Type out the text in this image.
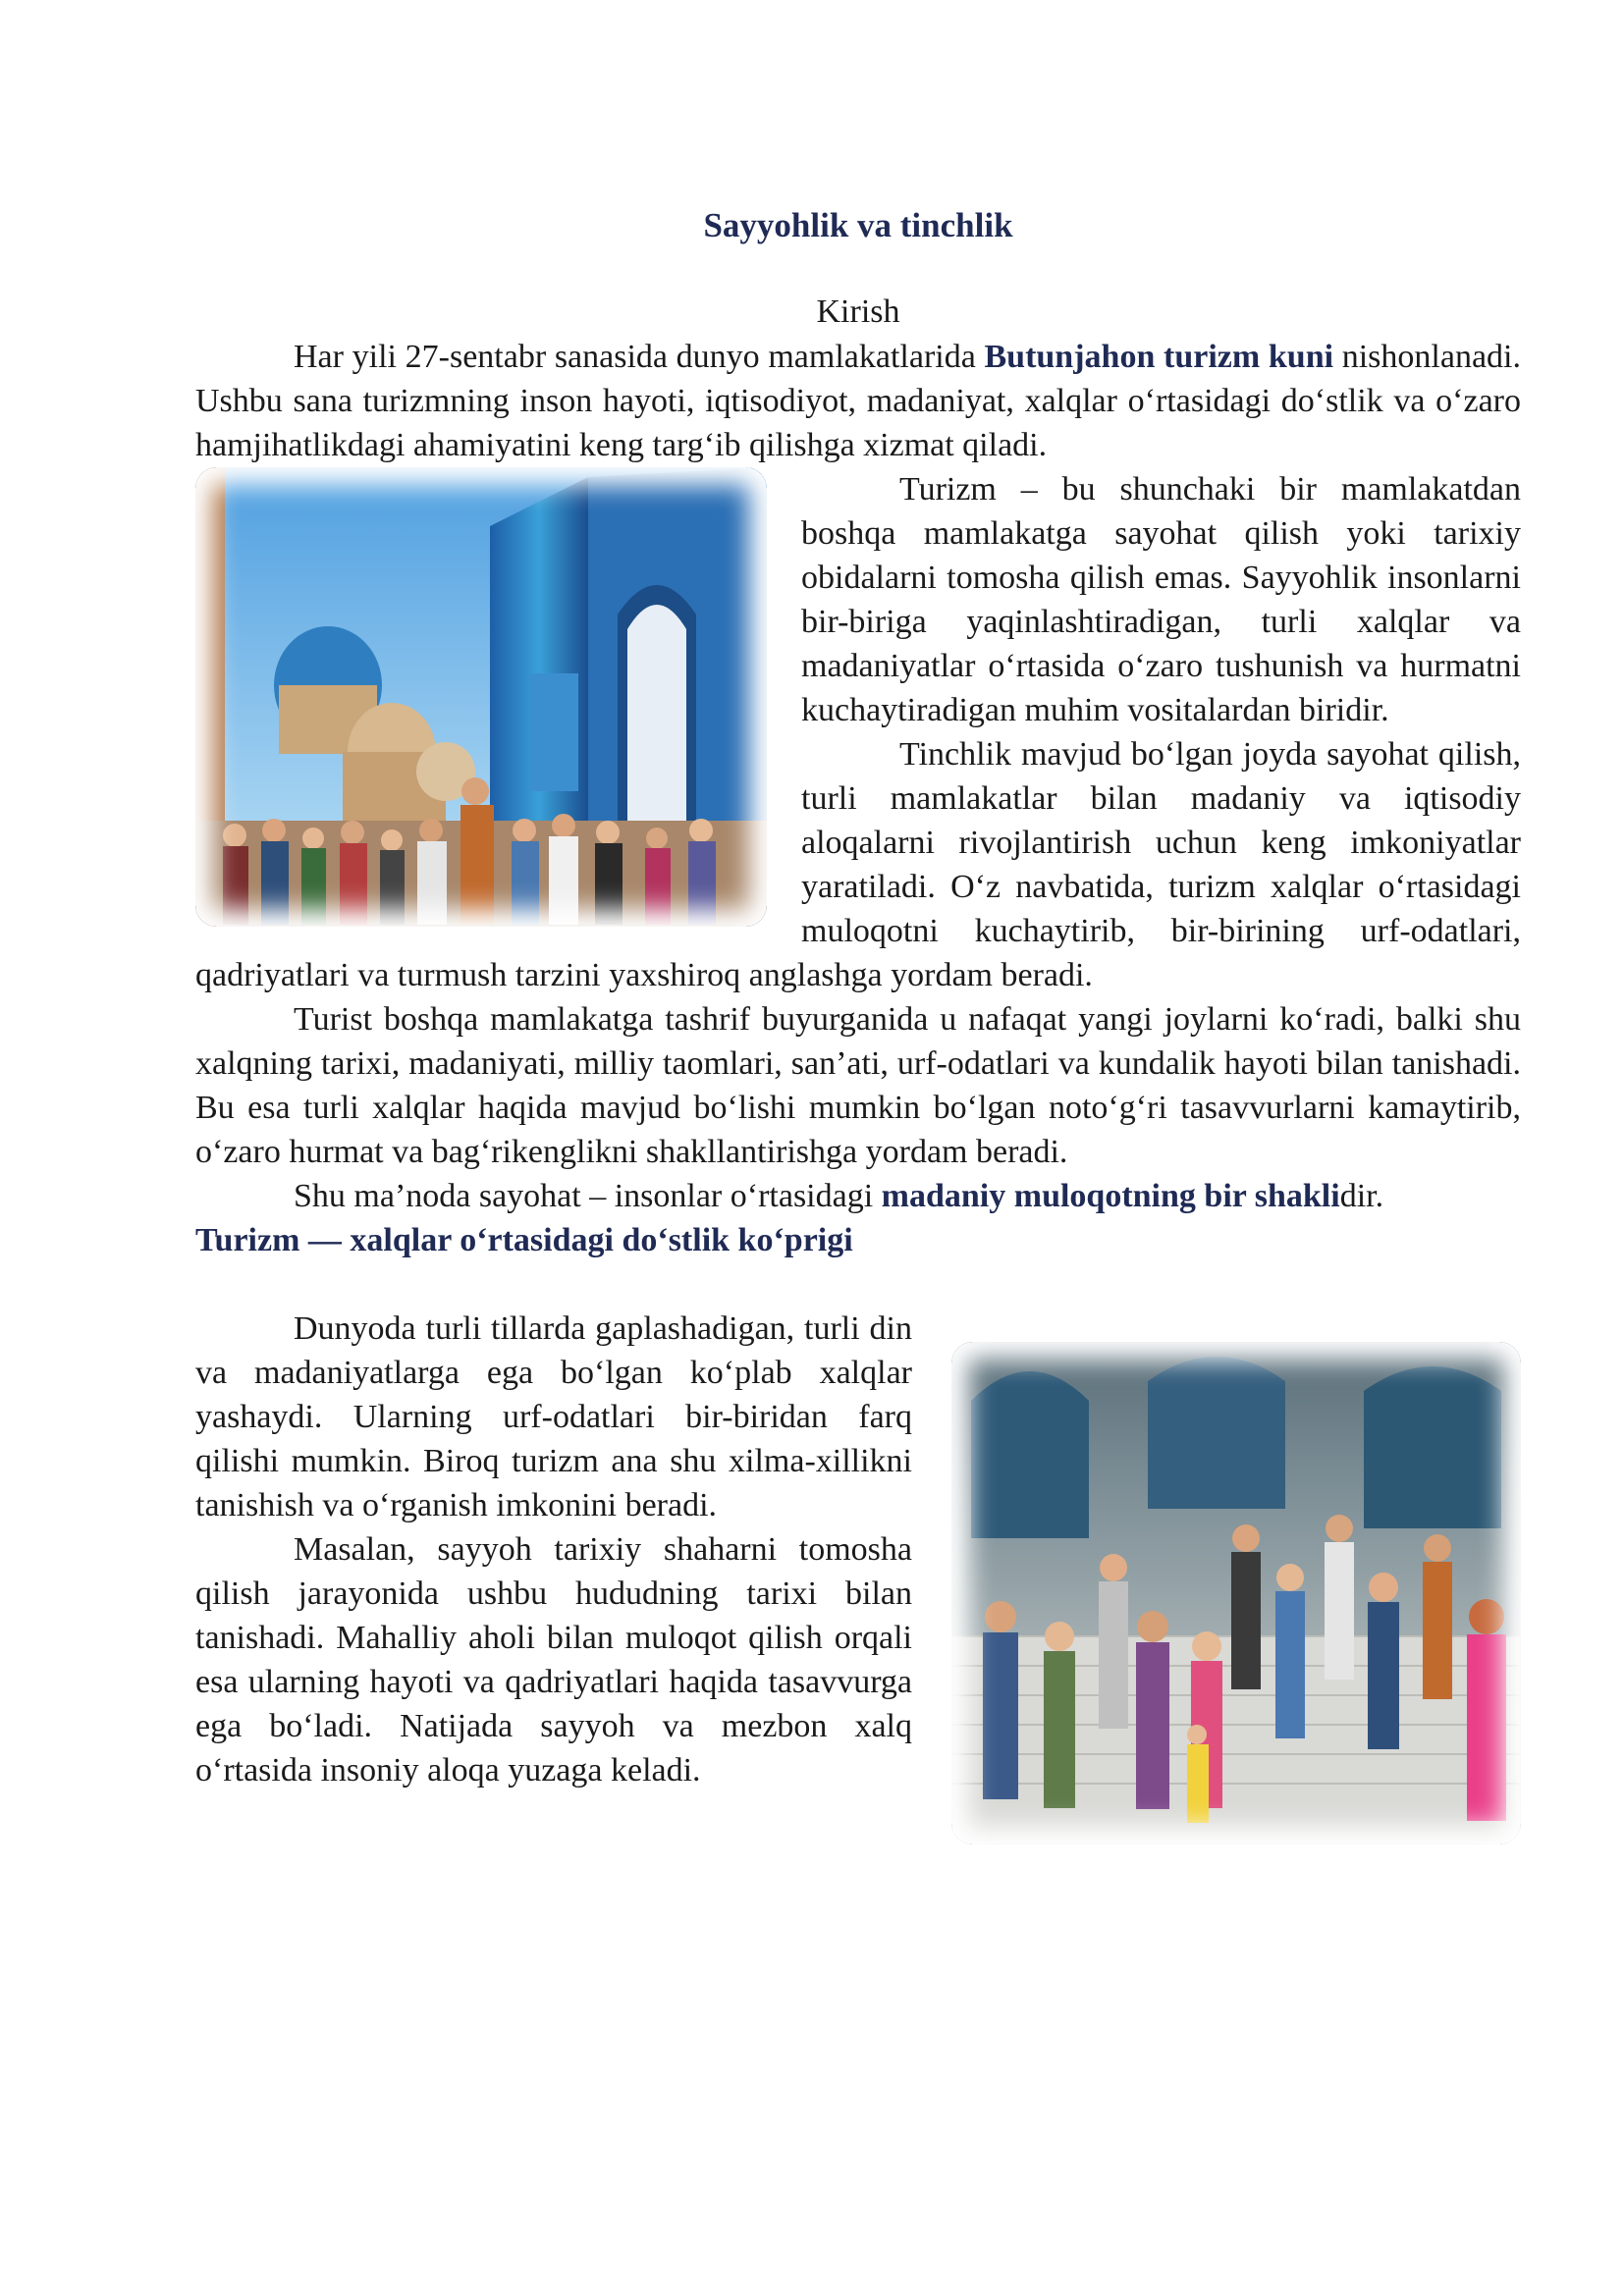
Sayyohlik va tinchlik

Kirish

Har yili 27-sentabr sanasida dunyo mamlakatlarida Butunjahon turizm kuni nishonlanadi. Ushbu sana turizmning inson hayoti, iqtisodiyot, madaniyat, xalqlar o‘rtasidagi do‘stlik va o‘zaro hamjihatlikdagi ahamiyatini keng targ‘ib qilishga xizmat qiladi.

Turizm – bu shunchaki bir mamlakatdan boshqa mamlakatga sayohat qilish yoki tarixiy obidalarni tomosha qilish emas. Sayyohlik insonlarni bir-biriga yaqinlashtiradigan, turli xalqlar va madaniyatlar o‘rtasida o‘zaro tushunish va hurmatni kuchaytiradigan muhim vositalardan biridir.

Tinchlik mavjud bo‘lgan joyda sayohat qilish, turli mamlakatlar bilan madaniy va iqtisodiy aloqalarni rivojlantirish uchun keng imkoniyatlar yaratiladi. O‘z navbatida, turizm xalqlar o‘rtasidagi muloqotni kuchaytirib, bir-birining urf-odatlari, qadriyatlari va turmush tarzini yaxshiroq anglashga yordam beradi.

Turist boshqa mamlakatga tashrif buyurganida u nafaqat yangi joylarni ko‘radi, balki shu xalqning tarixi, madaniyati, milliy taomlari, san’ati, urf-odatlari va kundalik hayoti bilan tanishadi. Bu esa turli xalqlar haqida mavjud bo‘lishi mumkin bo‘lgan noto‘g‘ri tasavvurlarni kamaytirib, o‘zaro hurmat va bag‘rikenglikni shakllantirishga yordam beradi.

Shu ma’noda sayohat – insonlar o‘rtasidagi madaniy muloqotning bir shaklidir.

Turizm — xalqlar o‘rtasidagi do‘stlik ko‘prigi

Dunyoda turli tillarda gaplashadigan, turli din va madaniyatlarga ega bo‘lgan ko‘plab xalqlar yashaydi. Ularning urf-odatlari bir-biridan farq qilishi mumkin. Biroq turizm ana shu xilma-xillikni tanishish va o‘rganish imkonini beradi.

Masalan, sayyoh tarixiy shaharni tomosha qilish jarayonida ushbu hududning tarixi bilan tanishadi. Mahalliy aholi bilan muloqot qilish orqali esa ularning hayoti va qadriyatlari haqida tasavvurga ega bo‘ladi. Natijada sayyoh va mezbon xalq o‘rtasida insoniy aloqa yuzaga keladi.
